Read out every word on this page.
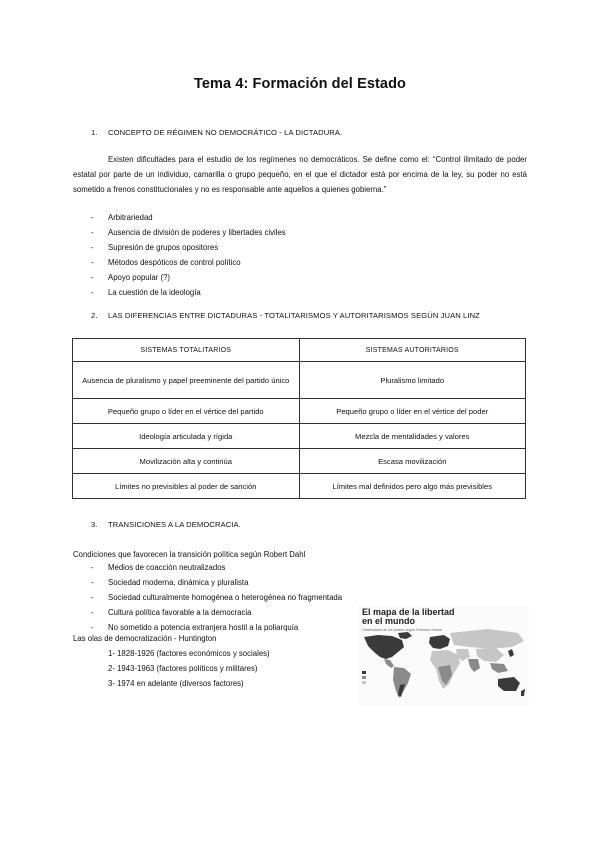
Tema 4: Formación del Estado
1. CONCEPTO DE RÉGIMEN NO DEMOCRÁTICO - LA DICTADURA.
Existen dificultades para el estudio de los regímenes no democráticos. Se define como el: “Control ilimitado de poder estatal por parte de un individuo, camarilla o grupo pequeño, en el que el dictador está por encima de la ley, su poder no está sometido a frenos constitucionales y no es responsable ante aquellos a quienes gobierna.”
- Arbitrariedad
- Ausencia de división de poderes y libertades civiles
- Supresión de grupos opositores
- Métodos despóticos de control político
- Apoyo popular (?)
- La cuestión de la ideología
2. LAS DIFERENCIAS ENTRE DICTADURAS - TOTALITARISMOS Y AUTORITARISMOS SEGÚN JUAN LINZ
SISTEMAS TOTALITARIOS	SISTEMAS AUTORITARIOS
Ausencia de pluralismo y papel preeminente del partido único	Pluralismo limitado
Pequeño grupo o líder en el vértice del partido	Pequeño grupo o líder en el vértice del poder
Ideología articulada y rígida	Mezcla de mentalidades y valores
Movilización alta y continúa	Escasa movilización
Límites no previsibles al poder de sanción	Límites mal definidos pero algo más previsibles
3. TRANSICIONES A LA DEMOCRACIA.
Condiciones que favorecen la transición política según Robert Dahl
- Medios de coacción neutralizados
- Sociedad moderna, dinámica y pluralista
- Sociedad culturalmente homogénea o heterogénea no fragmentada
- Cultura política favorable a la democracia
- No sometido a potencia extranjera hostil a la poliarquía
Las olas de democratización - Huntington
1- 1828-1926 (factores económicos y sociales)
2- 1943-1963 (factores políticos y militares)
3- 1974 en adelante (diversos factores)
El mapa de la libertad
en el mundo
Clasificación de los países según Freedom House
